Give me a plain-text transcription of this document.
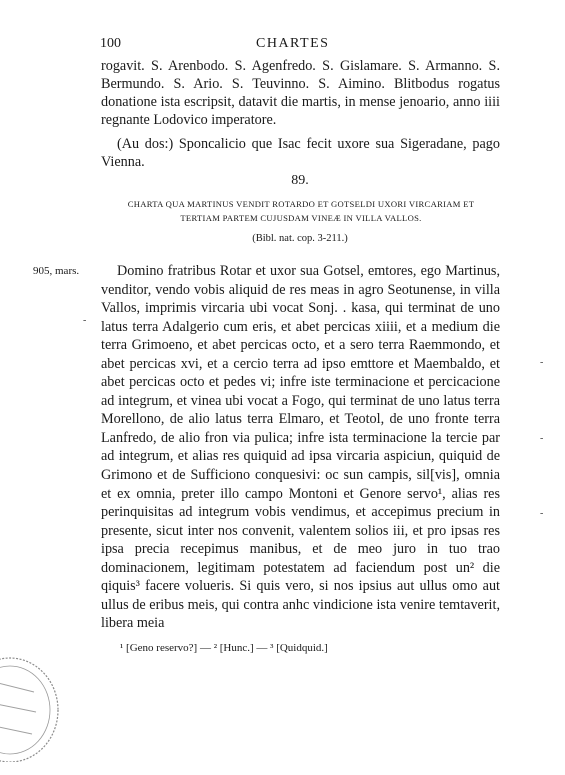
100	CHARTES

rogavit. S. Arenbodo. S. Agenfredo. S. Gislamare. S. Armanno. S. Bermundo. S. Ario. S. Teuvinno. S. Aimino. Blitbodus rogatus donatione ista escripsit, datavit die martis, in mense jenoario, anno iiii regnante Lodovico imperatore.

(Au dos:) Sponcalicio que Isac fecit uxore sua Sigeradane, pago Vienna.

89.
CHARTA QUA MARTINUS VENDIT ROTARDO ET GOTSELDI UXORI VIRCARIAM ET TERTIAM PARTEM CUJUSDAM VINEÆ IN VILLA VALLOS.
(Bibl. nat. cop. 3-211.)
905, mars.	Domino fratribus Rotar et uxor sua Gotsel, emtores, ego Martinus, venditor, vendo vobis aliquid de res meas in agro Seotunense, in villa Vallos, imprimis vircaria ubi vocat Sonj. . kasa, qui terminat de uno latus terra Adalgerio cum eris, et abet percicas xiiii, et a medium die terra Grimoeno, et abet percicas octo, et a sero terra Raemmondo, et abet percicas xvi, et a cercio terra ad ipso emttore et Maembaldo, et abet percicas octo et pedes vi; infre iste terminacione et percicacione ad integrum, et vinea ubi vocat a Fogo, qui terminat de uno latus terra Morellono, de alio latus terra Elmaro, et Teotol, de uno fronte terra Lanfredo, de alio fron via pulica; infre ista terminacione la tercie par ad integrum, et alias res quiquid ad ipsa vircaria aspiciun, quiquid de Grimono et de Sufficiono conquesivi: oc sun campis, sil[vis], omnia et ex omnia, preter illo campo Montoni et Genore servo¹, alias res perinquisitas ad integrum vobis vendimus, et accepimus precium in presente, sicut inter nos convenit, valentem solios iii, et pro ipsas res ipsa precia recepimus manibus, et de meo juro in tuo trao dominacionem, legitimam potestatem ad faciendum post un² die qiquis³ facere volueris. Si quis vero, si nos ipsius aut ullus omo aut ullus de eribus meis, qui contra anhc vindicione ista venire temtaverit, libera meia

¹ [Geno reservo?] — ² [Hunc.] — ³ [Quidquid.]
-
-
-
-
